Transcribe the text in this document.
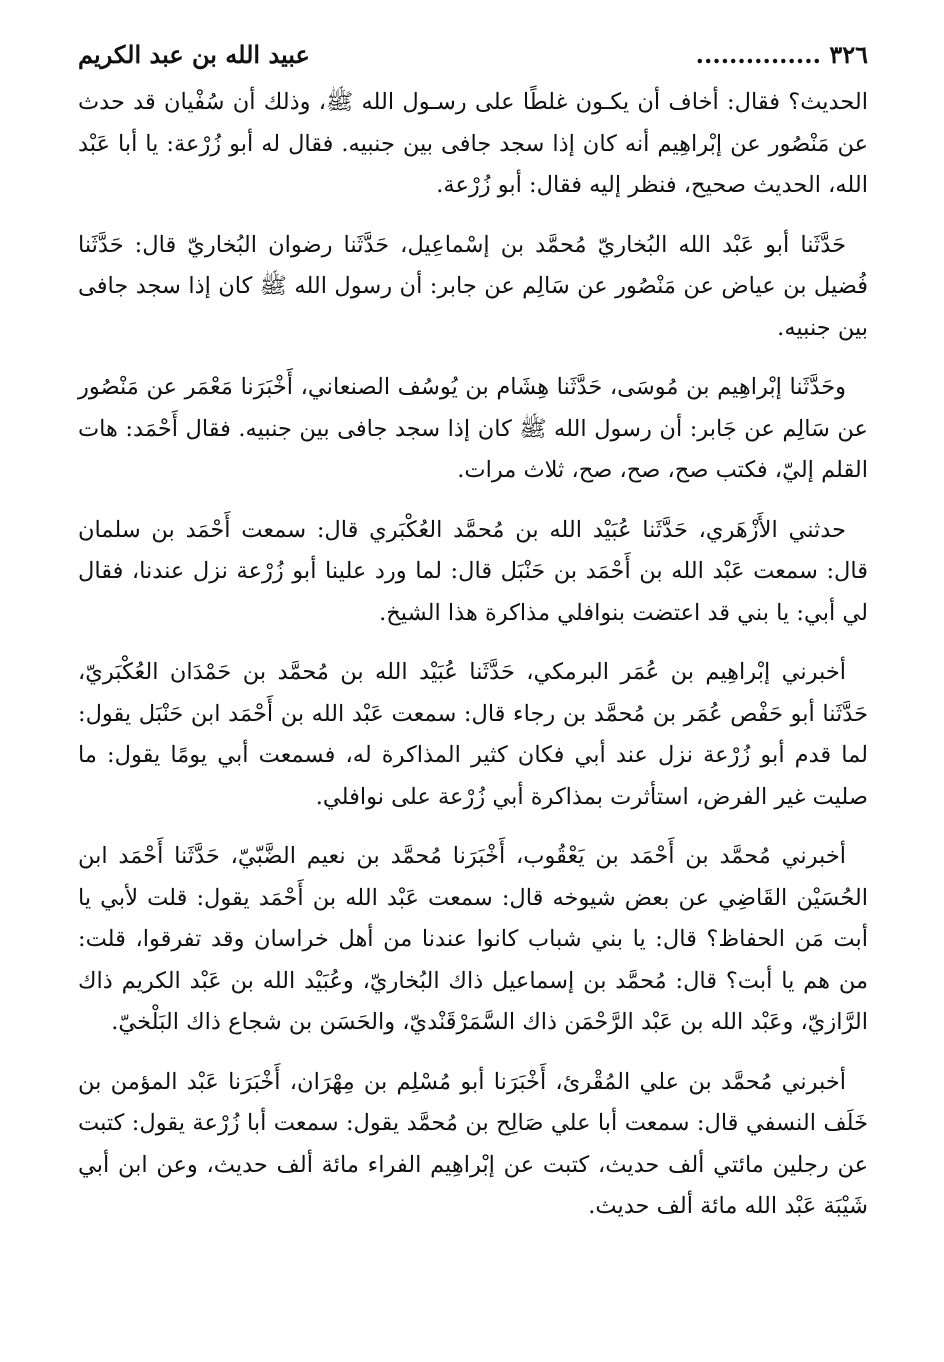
٣٢٦ ...............
عبيد الله بن عبد الكريم

الحديث؟ فقال: أخاف أن يكـون غلطًا على رسـول الله ﷺ، وذلك أن سُفْيان قد حدث عن مَنْصُور عن إبْراهِيم أنه كان إذا سجد جافى بين جنبيه. فقال له أبو زُرْعة: يا أبا عَبْد الله، الحديث صحيح، فنظر إليه فقال: أبو زُرْعة.

حَدَّثَنا أبو عَبْد الله البُخاريّ مُحمَّد بن إسْماعِيل، حَدَّثَنا رضوان البُخاريّ قال: حَدَّثَنا فُضيل بن عياض عن مَنْصُور عن سَالِم عن جابر: أن رسول الله ﷺ كان إذا سجد جافى بين جنبيه.

وحَدَّثَنا إبْراهِيم بن مُوسَى، حَدَّثَنا هِشَام بن يُوسُف الصنعاني، أَخْبَرَنا مَعْمَر عن مَنْصُور عن سَالِم عن جَابر: أن رسول الله ﷺ كان إذا سجد جافى بين جنبيه. فقال أَحْمَد: هات القلم إليّ، فكتب صح، صح، صح، ثلاث مرات.

حدثني الأَزْهَري، حَدَّثَنا عُبَيْد الله بن مُحمَّد العُكْبَري قال: سمعت أَحْمَد بن سلمان قال: سمعت عَبْد الله بن أَحْمَد بن حَنْبَل قال: لما ورد علينا أبو زُرْعة نزل عندنا، فقال لي أبي: يا بني قد اعتضت بنوافلي مذاكرة هذا الشيخ.

أخبرني إبْراهِيم بن عُمَر البرمكي، حَدَّثَنا عُبَيْد الله بن مُحمَّد بن حَمْدَان العُكْبَريّ، حَدَّثَنا أبو حَفْص عُمَر بن مُحمَّد بن رجاء قال: سمعت عَبْد الله بن أَحْمَد ابن حَنْبَل يقول: لما قدم أبو زُرْعة نزل عند أبي فكان كثير المذاكرة له، فسمعت أبي يومًا يقول: ما صليت غير الفرض، استأثرت بمذاكرة أبي زُرْعة على نوافلي.

أخبرني مُحمَّد بن أَحْمَد بن يَعْقُوب، أَخْبَرَنا مُحمَّد بن نعيم الضَّبّيّ، حَدَّثَنا أَحْمَد ابن الحُسَيْن القَاضِي عن بعض شيوخه قال: سمعت عَبْد الله بن أَحْمَد يقول: قلت لأبي يا أبت مَن الحفاظ؟ قال: يا بني شباب كانوا عندنا من أهل خراسان وقد تفرقوا، قلت: من هم يا أبت؟ قال: مُحمَّد بن إسماعيل ذاك البُخاريّ، وعُبَيْد الله بن عَبْد الكريم ذاك الرَّازيّ، وعَبْد الله بن عَبْد الرَّحْمَن ذاك السَّمَرْقَنْديّ، والحَسَن بن شجاع ذاك البَلْخيّ.

أخبرني مُحمَّد بن علي المُقْرئ، أَخْبَرَنا أبو مُسْلِم بن مِهْرَان، أَخْبَرَنا عَبْد المؤمن بن خَلَف النسفي قال: سمعت أبا علي صَالِح بن مُحمَّد يقول: سمعت أبا زُرْعة يقول: كتبت عن رجلين مائتي ألف حديث، كتبت عن إبْراهِيم الفراء مائة ألف حديث، وعن ابن أبي شَيْبَة عَبْد الله مائة ألف حديث.
